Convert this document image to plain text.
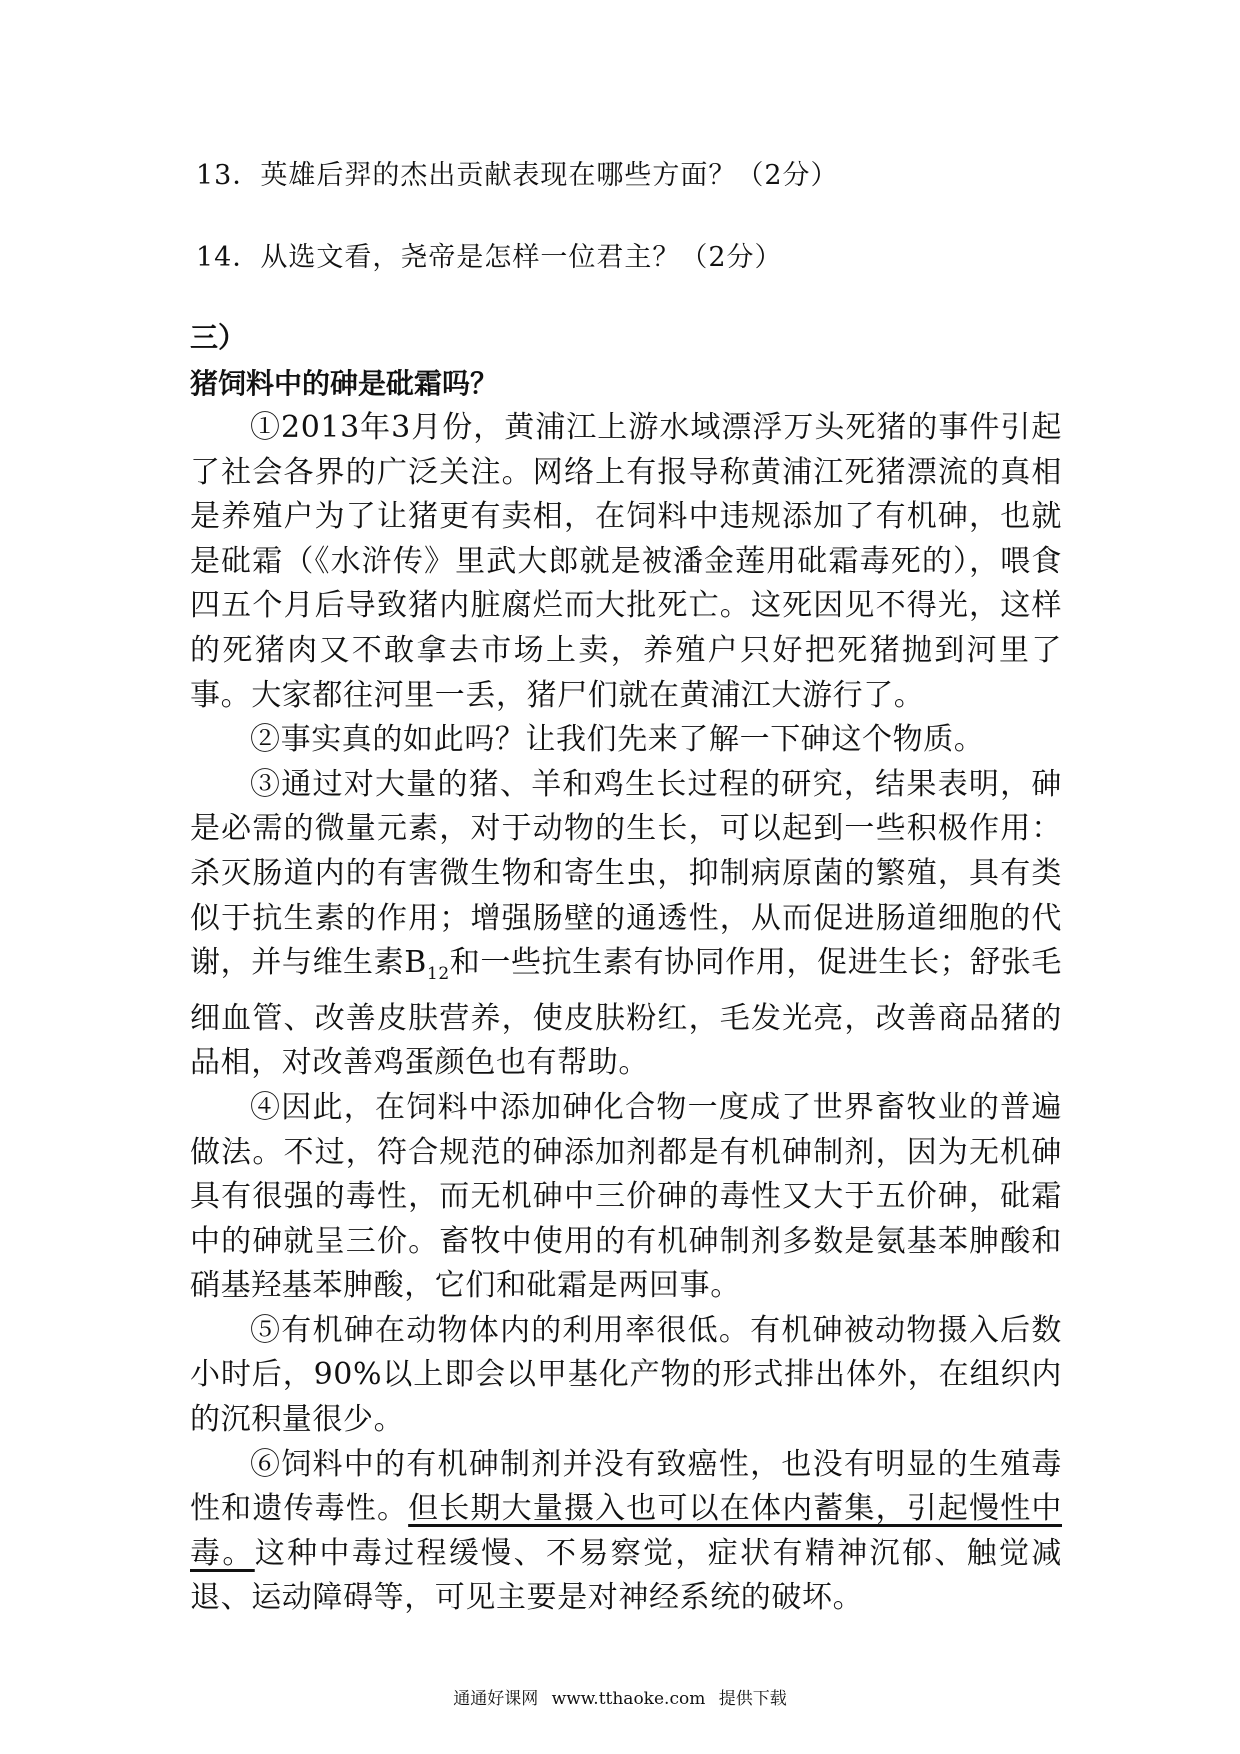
13．英雄后羿的杰出贡献表现在哪些方面？（2分）
14．从选文看，尧帝是怎样一位君主？（2分）
三）
猪饲料中的砷是砒霜吗？

①2013年3月份，黄浦江上游水域漂浮万头死猪的事件引起了社会各界的广泛关注。网络上有报导称黄浦江死猪漂流的真相是养殖户为了让猪更有卖相，在饲料中违规添加了有机砷，也就是砒霜（《水浒传》里武大郎就是被潘金莲用砒霜毒死的），喂食四五个月后导致猪内脏腐烂而大批死亡。这死因见不得光，这样的死猪肉又不敢拿去市场上卖，养殖户只好把死猪抛到河里了事。大家都往河里一丢，猪尸们就在黄浦江大游行了。

②事实真的如此吗？让我们先来了解一下砷这个物质。

③通过对大量的猪、羊和鸡生长过程的研究，结果表明，砷是必需的微量元素，对于动物的生长，可以起到一些积极作用：杀灭肠道内的有害微生物和寄生虫，抑制病原菌的繁殖，具有类似于抗生素的作用；增强肠壁的通透性，从而促进肠道细胞的代谢，并与维生素$B_{12}$和一些抗生素有协同作用，促进生长；舒张毛细血管、改善皮肤营养，使皮肤粉红，毛发光亮，改善商品猪的品相，对改善鸡蛋颜色也有帮助。

④因此，在饲料中添加砷化合物一度成了世界畜牧业的普遍做法。不过，符合规范的砷添加剂都是有机砷制剂，因为无机砷具有很强的毒性，而无机砷中三价砷的毒性又大于五价砷，砒霜中的砷就呈三价。畜牧中使用的有机砷制剂多数是氨基苯胂酸和硝基羟基苯胂酸，它们和砒霜是两回事。

⑤有机砷在动物体内的利用率很低。有机砷被动物摄入后数小时后，90%以上即会以甲基化产物的形式排出体外，在组织内的沉积量很少。

⑥饲料中的有机砷制剂并没有致癌性，也没有明显的生殖毒性和遗传毒性。但长期大量摄入也可以在体内蓄集，引起慢性中毒。这种中毒过程缓慢、不易察觉，症状有精神沉郁、触觉减退、运动障碍等，可见主要是对神经系统的破坏。

通通好课网 www.tthaoke.com 提供下载
